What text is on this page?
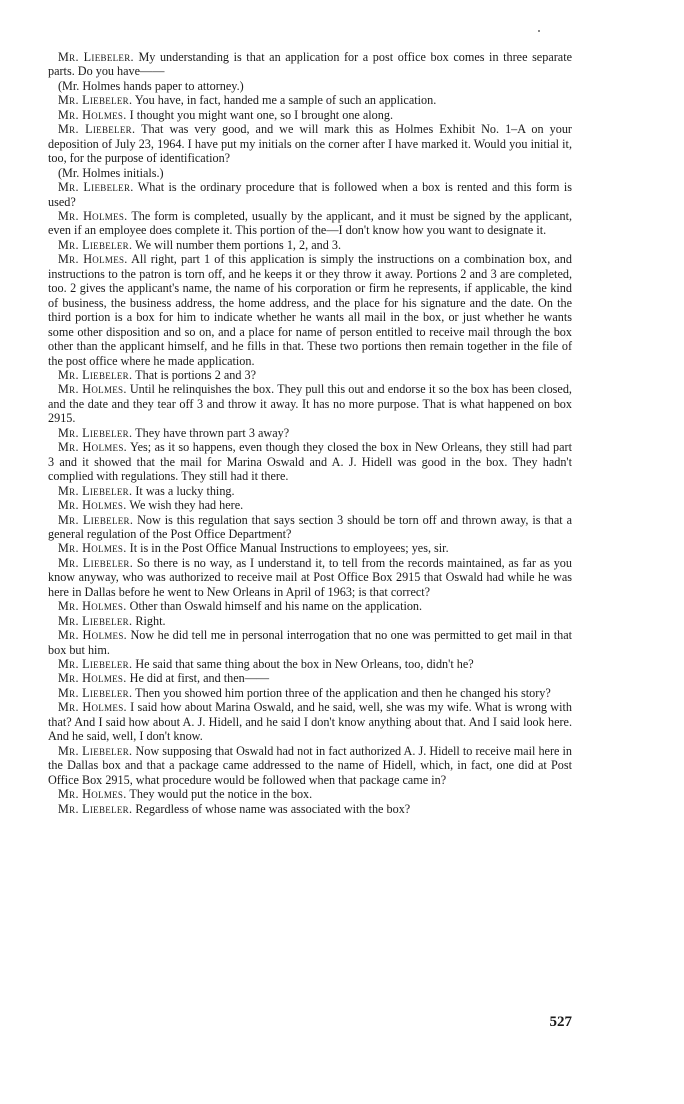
Mr. Liebeler. My understanding is that an application for a post office box comes in three separate parts. Do you have——

(Mr. Holmes hands paper to attorney.)

Mr. Liebeler. You have, in fact, handed me a sample of such an application.

Mr. Holmes. I thought you might want one, so I brought one along.

Mr. Liebeler. That was very good, and we will mark this as Holmes Exhibit No. 1–A on your deposition of July 23, 1964. I have put my initials on the corner after I have marked it. Would you initial it, too, for the purpose of identification?

(Mr. Holmes initials.)

Mr. Liebeler. What is the ordinary procedure that is followed when a box is rented and this form is used?

Mr. Holmes. The form is completed, usually by the applicant, and it must be signed by the applicant, even if an employee does complete it. This portion of the—I don't know how you want to designate it.

Mr. Liebeler. We will number them portions 1, 2, and 3.

Mr. Holmes. All right, part 1 of this application is simply the instructions on a combination box, and instructions to the patron is torn off, and he keeps it or they throw it away. Portions 2 and 3 are completed, too. 2 gives the applicant's name, the name of his corporation or firm he represents, if applicable, the kind of business, the business address, the home address, and the place for his signature and the date. On the third portion is a box for him to indicate whether he wants all mail in the box, or just whether he wants some other disposition and so on, and a place for name of person entitled to receive mail through the box other than the applicant himself, and he fills in that. These two portions then remain together in the file of the post office where he made application.

Mr. Liebeler. That is portions 2 and 3?

Mr. Holmes. Until he relinquishes the box. They pull this out and endorse it so the box has been closed, and the date and they tear off 3 and throw it away. It has no more purpose. That is what happened on box 2915.

Mr. Liebeler. They have thrown part 3 away?

Mr. Holmes. Yes; as it so happens, even though they closed the box in New Orleans, they still had part 3 and it showed that the mail for Marina Oswald and A. J. Hidell was good in the box. They hadn't complied with regulations. They still had it there.

Mr. Liebeler. It was a lucky thing.

Mr. Holmes. We wish they had here.

Mr. Liebeler. Now is this regulation that says section 3 should be torn off and thrown away, is that a general regulation of the Post Office Department?

Mr. Holmes. It is in the Post Office Manual Instructions to employees; yes, sir.

Mr. Liebeler. So there is no way, as I understand it, to tell from the records maintained, as far as you know anyway, who was authorized to receive mail at Post Office Box 2915 that Oswald had while he was here in Dallas before he went to New Orleans in April of 1963; is that correct?

Mr. Holmes. Other than Oswald himself and his name on the application.

Mr. Liebeler. Right.

Mr. Holmes. Now he did tell me in personal interrogation that no one was permitted to get mail in that box but him.

Mr. Liebeler. He said that same thing about the box in New Orleans, too, didn't he?

Mr. Holmes. He did at first, and then——

Mr. Liebeler. Then you showed him portion three of the application and then he changed his story?

Mr. Holmes. I said how about Marina Oswald, and he said, well, she was my wife. What is wrong with that? And I said how about A. J. Hidell, and he said I don't know anything about that. And I said look here. And he said, well, I don't know.

Mr. Liebeler. Now supposing that Oswald had not in fact authorized A. J. Hidell to receive mail here in the Dallas box and that a package came addressed to the name of Hidell, which, in fact, one did at Post Office Box 2915, what procedure would be followed when that package came in?

Mr. Holmes. They would put the notice in the box.

Mr. Liebeler. Regardless of whose name was associated with the box?

527
